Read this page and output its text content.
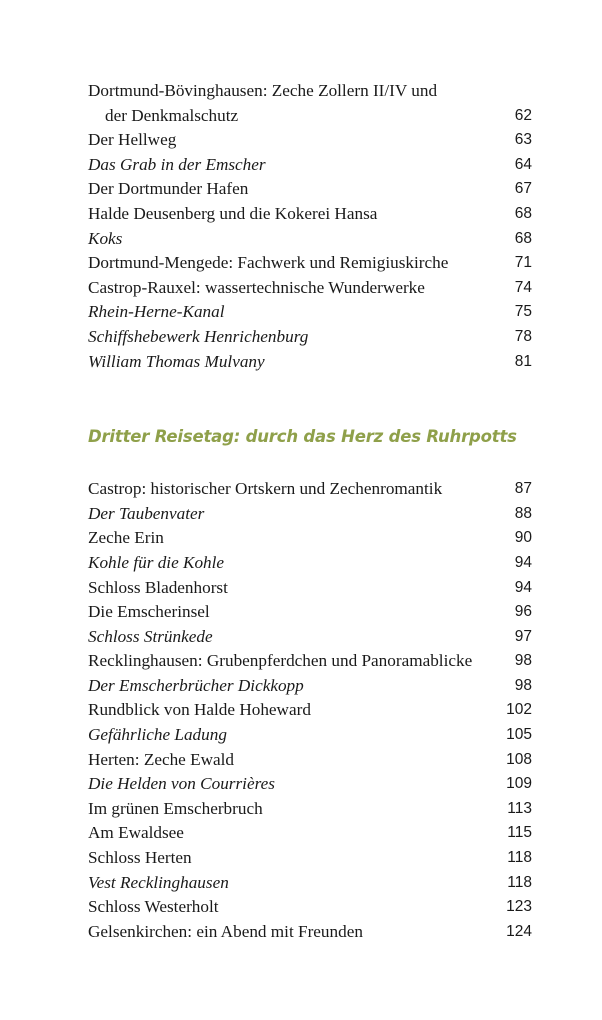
Dortmund-Bövinghausen: Zeche Zollern II/IV und
der Denkmalschutz	62
Der Hellweg	63
Das Grab in der Emscher	64
Der Dortmunder Hafen	67
Halde Deusenberg und die Kokerei Hansa	68
Koks	68
Dortmund-Mengede: Fachwerk und Remigiuskirche	71
Castrop-Rauxel: wassertechnische Wunderwerke	74
Rhein-Herne-Kanal	75
Schiffshebewerk Henrichenburg	78
William Thomas Mulvany	81
Dritter Reisetag: durch das Herz des Ruhrpotts
Castrop: historischer Ortskern und Zechenromantik	87
Der Taubenvater	88
Zeche Erin	90
Kohle für die Kohle	94
Schloss Bladenhorst	94
Die Emscherinsel	96
Schloss Strünkede	97
Recklinghausen: Grubenpferdchen und Panoramablicke	98
Der Emscherbrücher Dickkopp	98
Rundblick von Halde Hoheward	102
Gefährliche Ladung	105
Herten: Zeche Ewald	108
Die Helden von Courrières	109
Im grünen Emscherbruch	113
Am Ewaldsee	115
Schloss Herten	118
Vest Recklinghausen	118
Schloss Westerholt	123
Gelsenkirchen: ein Abend mit Freunden	124
